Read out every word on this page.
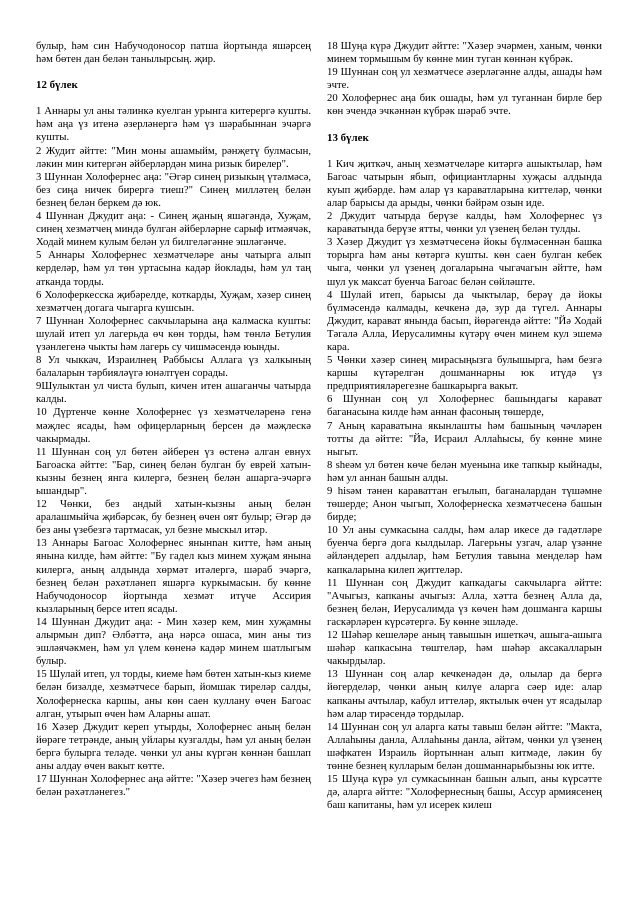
булыр, һәм син Набучодоносор патша йортында яшәрсең һәм бөтен дан белән танылырсың. җир.

12 бүлек

1 Аннары ул аны тәлинкә куелган урынга китерергә кушты. һәм аңа үз итенә әзерләнергә һәм үз шәрабыннан эчәргә кушты.

2 Жудит әйтте: "Мин моны ашамыйм, рәнҗетү булмасын, ләкин мин китергән әйберләрдән мина ризык бирелер".

3 Шуннан Холофернес аңа: "Әгәр синең ризыкың үтәлмәсә, без сиңа ничек бирергә тиеш?" Синең милләтең белән безнең белән беркем дә юк.

4 Шуннан Джудит аңа: - Синең җаның яшәгәндә, Хуҗам, синең хезмәтчең миндә булган әйберләрне сарыф итмәячәк, Ходай минем кулым белән ул билгеләгәнне эшләгәнче.

5 Аннары Холофернес хезмәтчеләре аны чатырга алып керделәр, һәм ул төн уртасына кадәр йоклады, һәм ул таң атканда торды.

6 Холоферкесска җибәрелде, коткарды, Хуҗам, хәзер синең хезмәтчең догага чыгарга кушсын.

7 Шуннан Холофернес сакчыларына аңа калмаска кушты: шулай итеп ул лагерьда өч көн торды, һәм төнлә Бетулия үзәнлегенә чыкты һәм лагерь су чишмәсендә юынды.

8 Ул чыккач, Израилнең Раббысы Аллага үз халкының балаларын тәрбияләүгә юнәлтүен сорады.

9Шулыктан ул чиста булып, кичен итен ашаганчы чатырда калды.

10 Дүртенче көнне Холофернес үз хезмәтчеләренә генә мәҗлес ясады, һәм офицерларның берсен дә мәҗлескә чакырмады.

11 Шуннан соң ул бөтен әйберен үз өстенә алган евнух Багоаска әйтте: "Бар, синең белән булган бу еврей хатын-кызны безнең янга килергә, безнең белән ашарга-эчәргә ышандыр".

12 Чөнки, без андый хатын-кызны аның белән аралашмыйча җибәрсәк, бу безнең өчен оят булыр; Әгәр дә без аны үзебезгә тартмасак, ул безне мыскыл итәр.

13 Аннары Багоас Холофернес янынnан китте, һәм аның янына килде, һәм әйтте: "Бу гадел кыз минем хуҗам янына килергә, аның алдында хөрмәт итәлергә, шәраб эчәргә, безнең белән рәхәтләнеп яшәргә куркымасын. бу көнне Набучодоносор йортында хезмәт итүче Ассирия кызларының берсе итеп ясады.

14 Шуннан Джудит аңа: - Мин хәзер кем, мин хуҗамны алырмын дип? Әлбәттә, аңа нәрсә ошаса, мин аны тиз эшләячәкмен, һәм ул үлем көненә кадәр минем шатлыгым булыр.

15 Шулай итеп, ул торды, киеме һәм бөтен хатын-кыз киеме белән бизәлде, хезмәтчесе барып, йомшак тиреләр салды, Холофернеска каршы, аны көн саен куллану өчен Багоас алган, утырып өчен һәм Аларны ашат.

16 Хәзер Джудит кереп утырды, Холофернес аның белән йөрәге тетрәнде, аның уйлары кузгалды, һәм ул аның белән бергә булырга теләде. чөнки ул аны күргән көннән башлап аны алдау өчен вакыт көтте.

17 Шуннан Холофернес аңа әйтте: "Хәзер эчегез һәм безнең белән рәхәтләнегез."

18 Шуңа күрә Джудит әйтте: "Хәзер эчәрмен, ханым, чөнки минем тормышым бу көнне мин туган көннән күбрәк.

19 Шуннан соң ул хезмәтчесе әзерләгәнне алды, ашады һәм эчте.

20 Холофернес аңа бик ошады, һәм ул туганнан бирле бер көн эчендә эчкәннән күбрәк шәраб эчте.

13 бүлек

1 Кич җиткәч, аның хезмәтчеләре китәргә ашыктылар, һәм Багоас чатырын ябып, официантларны хуҗасы алдында куып җибәрде. һәм алар үз караватларына киттеләр, чөнки алар барысы да арыды, чөнки бәйрәм озын иде.

2 Джудит чатырда берүзе калды, һәм Холофернес үз караватында берүзе ятты, чөнки ул үзенең белән тулды.

3 Хәзер Джудит үз хезмәтчесенә йокы бүлмәсеннән башка торырга һәм аны көтәргә кушты. көн саен булган кебек чыга, чөнки ул үзенең догаларына чыгачагын әйтте, һәм шул ук максат буенча Багоас белән сөйләште.

4 Шулай итеп, барысы да чыктылар, берәү дә йокы бүлмәсендә калмады, кечкенә дә, зур да түгел. Аннары Джудит, карават янында басып, йөрәгендә әйтте: "Йә Ходай Тәгалә Алла, Иерусалимны күтәрү өчен минем кул эшемә кара.

5 Чөнки хәзер синең мирасыңызга булышырга, һәм безгә каршы күтәрелгән дошманнарны юк итүдә үз предприятияләрегезне башкарырга вакыт.

6 Шуннан соң ул Холофернес башындагы карават баганасына килде һәм аннан фасоның төшерде,

7 Аның караватына якынлашты һәм башының чәчләрен тотты да әйтте: "Йә, Исраил Аллаһысы, бу көнне мине ныгыт.

8 sheәм ул бөтен көче белән муенына ике тапкыр кыйнады, һәм ул аннан башын алды.

9 hisәм тәнен караваттан егылып, баганалардан түшәмне төшерде; Анон чыгып, Холофернеска хезмәтчесенә башын бирде;

10 Ул аны сумкасына салды, һәм алар икесе дә гадәтләре буенча бергә дога кылдылар. Лагерьны узгач, алар үзәнне әйләндереп алдылар, һәм Бетулия тавына менделәр һәм капкаларына килеп җиттеләр.

11 Шуннан соң Джудит капкадагы сакчыларга әйтте: "Ачыгыз, капканы ачыгыз: Алла, хәтта безнең Алла да, безнең белән, Иерусалимда үз көчен һәм дошманга каршы гаскәрләрен күрсәтергә. Бу көнне эшләде.

12 Шәһәр кешеләре аның тавышын ишеткәч, ашыга-ашыга шәһәр капкасына төштеләр, һәм шәһәр аксакалларын чакырдылар.

13 Шуннан соң алар кечкенәдән дә, олылар да бергә йөгерделәр, чөнки аның килүе аларга сәер иде: алар капканы ачтылар, кабул иттеләр, яктылык өчен ут ясадылар һәм алар тирәсендә тордылар.

14 Шуннан соң ул аларга каты тавыш белән әйтте: "Макта, Аллаһыны данла, Аллаһыны данла, әйтәм, чөнки ул үзенең шәфкатен Израиль йортыннан алып китмәде, ләкин бу төнне безнең кулларым белән дошманнарыбызны юк итте.

15 Шуңа күрә ул сумкасыннан башын алып, аны күрсәтте дә, аларга әйтте: "Холофернесның башы, Ассур армиясенең баш капитаны, һәм ул исерек килеш
